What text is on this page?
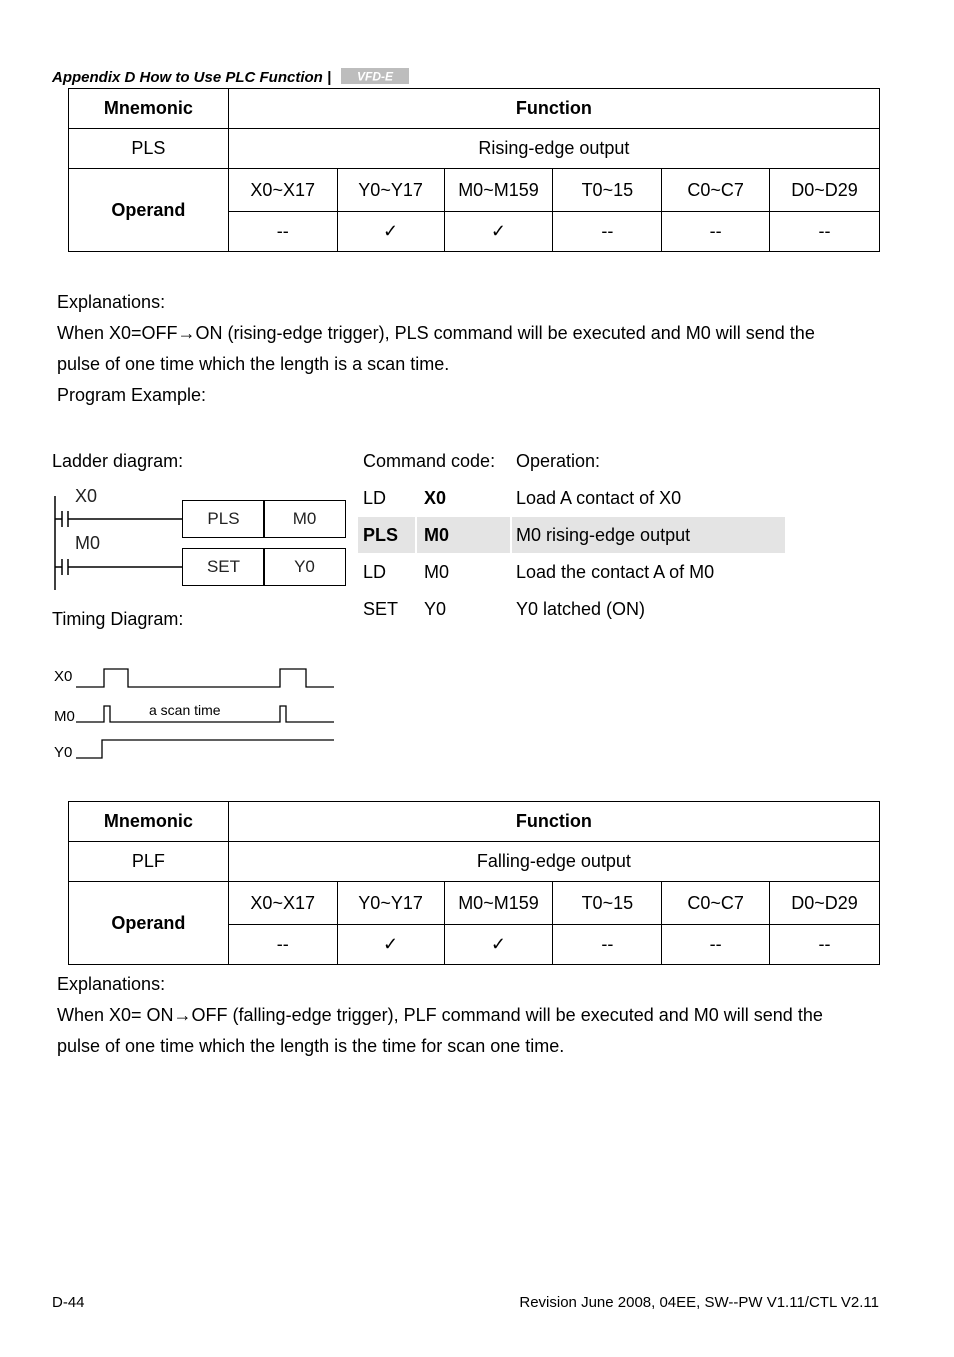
Appendix D How to Use PLC Function | VFD-E
Mnemonic	Function					
PLS	Rising-edge output					
Operand	X0~X17	Y0~Y17	M0~M159	T0~15	C0~C7	D0~D29
	--	✓	✓	--	--	--
Explanations:
When X0=OFF→ON (rising-edge trigger), PLS command will be executed and M0 will send the
pulse of one time which the length is a scan time.
Program Example:
Ladder diagram:
X0
M0
PLS	M0
SET	Y0
Command code: Operation:
LD X0	Load A contact of X0
PLS M0	M0 rising-edge output
LD M0	Load the contact A of M0
SET Y0	Y0 latched (ON)
Timing Diagram:
X0
M0
Y0
a scan time
Mnemonic	Function					
PLF	Falling-edge output					
Operand	X0~X17	Y0~Y17	M0~M159	T0~15	C0~C7	D0~D29
	--	✓	✓	--	--	--
Explanations:
When X0= ON→OFF (falling-edge trigger), PLF command will be executed and M0 will send the
pulse of one time which the length is the time for scan one time.
D-44	Revision June 2008, 04EE, SW--PW V1.11/CTL V2.11
